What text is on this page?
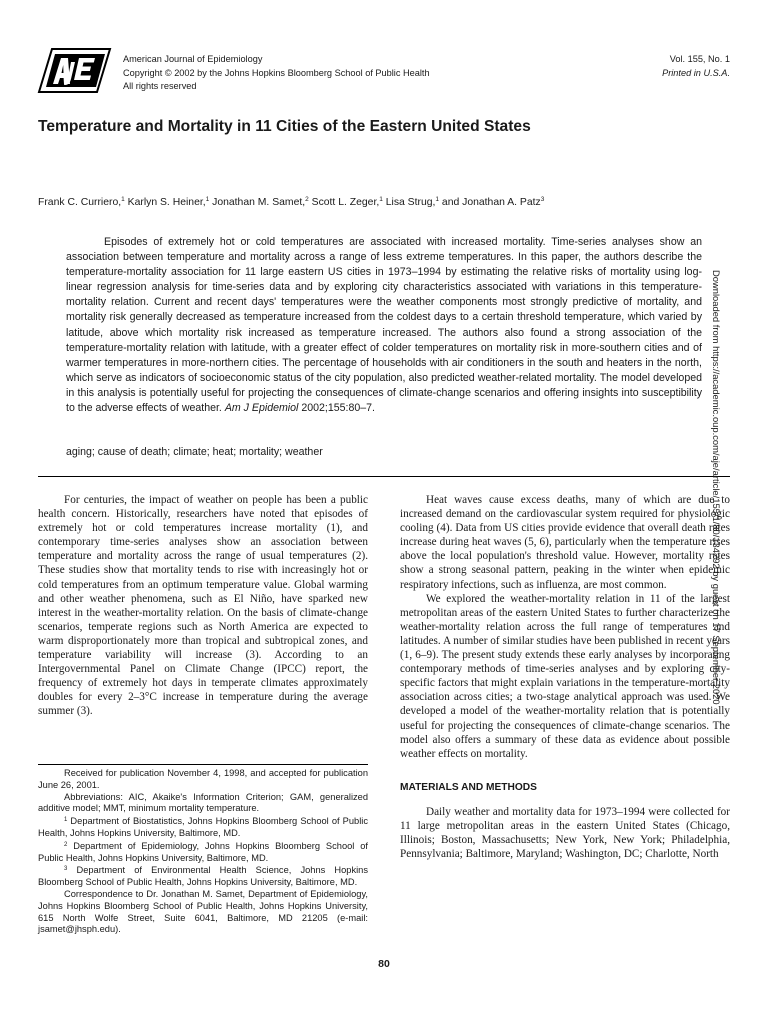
American Journal of Epidemiology
Copyright © 2002 by the Johns Hopkins Bloomberg School of Public Health
All rights reserved
Vol. 155, No. 1
Printed in U.S.A.
Temperature and Mortality in 11 Cities of the Eastern United States
Frank C. Curriero,$^1$ Karlyn S. Heiner,$^1$ Jonathan M. Samet,$^2$ Scott L. Zeger,$^1$ Lisa Strug,$^1$ and Jonathan A. Patz$^3$

Episodes of extremely hot or cold temperatures are associated with increased mortality. Time-series analyses show an association between temperature and mortality across a range of less extreme temperatures. In this paper, the authors describe the temperature-mortality association for 11 large eastern US cities in 1973–1994 by estimating the relative risks of mortality using log-linear regression analysis for time-series data and by exploring city characteristics associated with variations in this temperature-mortality relation. Current and recent days' temperatures were the weather components most strongly predictive of mortality, and mortality risk generally decreased as temperature increased from the coldest days to a certain threshold temperature, which varied by latitude, above which mortality risk increased as temperature increased. The authors also found a strong association of the temperature-mortality relation with latitude, with a greater effect of colder temperatures on mortality risk in more-southern cities and of warmer temperatures in more-northern cities. The percentage of households with air conditioners in the south and heaters in the north, which serve as indicators of socioeconomic status of the city population, also predicted weather-related mortality. The model developed in this analysis is potentially useful for projecting the consequences of climate-change scenarios and offering insights into susceptibility to the adverse effects of weather. Am J Epidemiol 2002;155:80–7.

aging; cause of death; climate; heat; mortality; weather	Downloaded from https://academic.oup.com/aje/article/155/1/80/134292 by guest on 17 September 2020

For centuries, the impact of weather on people has been a public health concern. Historically, researchers have noted that episodes of extremely hot or cold temperatures increase mortality (1), and contemporary time-series analyses show an association between temperature and mortality across the range of usual temperatures (2). These studies show that mortality tends to rise with increasingly hot or cold temperatures from an optimum temperature value. Global warming and other weather phenomena, such as El Niño, have sparked new interest in the weather-mortality relation. On the basis of climate-change scenarios, temperate regions such as North America are expected to warm disproportionately more than tropical and subtropical zones, and temperature variability will increase (3). According to an Intergovernmental Panel on Climate Change (IPCC) report, the frequency of extremely hot days in temperate climates approximately doubles for every 2–3°C increase in temperature during the average summer (3).

Received for publication November 4, 1998, and accepted for publication June 26, 2001.

Abbreviations: AIC, Akaike's Information Criterion; GAM, generalized additive model; MMT, minimum mortality temperature.

$^1$ Department of Biostatistics, Johns Hopkins Bloomberg School of Public Health, Johns Hopkins University, Baltimore, MD.

$^2$ Department of Epidemiology, Johns Hopkins Bloomberg School of Public Health, Johns Hopkins University, Baltimore, MD.

$^3$ Department of Environmental Health Science, Johns Hopkins Bloomberg School of Public Health, Johns Hopkins University, Baltimore, MD.

Correspondence to Dr. Jonathan M. Samet, Department of Epidemiology, Johns Hopkins Bloomberg School of Public Health, Johns Hopkins University, 615 North Wolfe Street, Suite 6041, Baltimore, MD 21205 (e-mail: jsamet@jhsph.edu).

Heat waves cause excess deaths, many of which are due to increased demand on the cardiovascular system required for physiologic cooling (4). Data from US cities provide evidence that overall death rates increase during heat waves (5, 6), particularly when the temperature rises above the local population's threshold value. However, mortality rates show a strong seasonal pattern, peaking in the winter when epidemic respiratory infections, such as influenza, are most common.

We explored the weather-mortality relation in 11 of the largest metropolitan areas of the eastern United States to further characterize the weather-mortality relation across the full range of temperatures and latitudes. A number of similar studies have been published in recent years (1, 6–9). The present study extends these early analyses by incorporating contemporary methods of time-series analyses and by exploring city-specific factors that might explain variations in the temperature-mortality association across cities; a two-stage analytical approach was used. We developed a model of the weather-mortality relation that is potentially useful for projecting the consequences of climate-change scenarios. The model also offers a summary of these data as evidence about possible weather effects on mortality.

MATERIALS AND METHODS

Daily weather and mortality data for 1973–1994 were collected for 11 large metropolitan areas in the eastern United States (Chicago, Illinois; Boston, Massachusetts; New York, New York; Philadelphia, Pennsylvania; Baltimore, Maryland; Washington, DC; Charlotte, North

80
